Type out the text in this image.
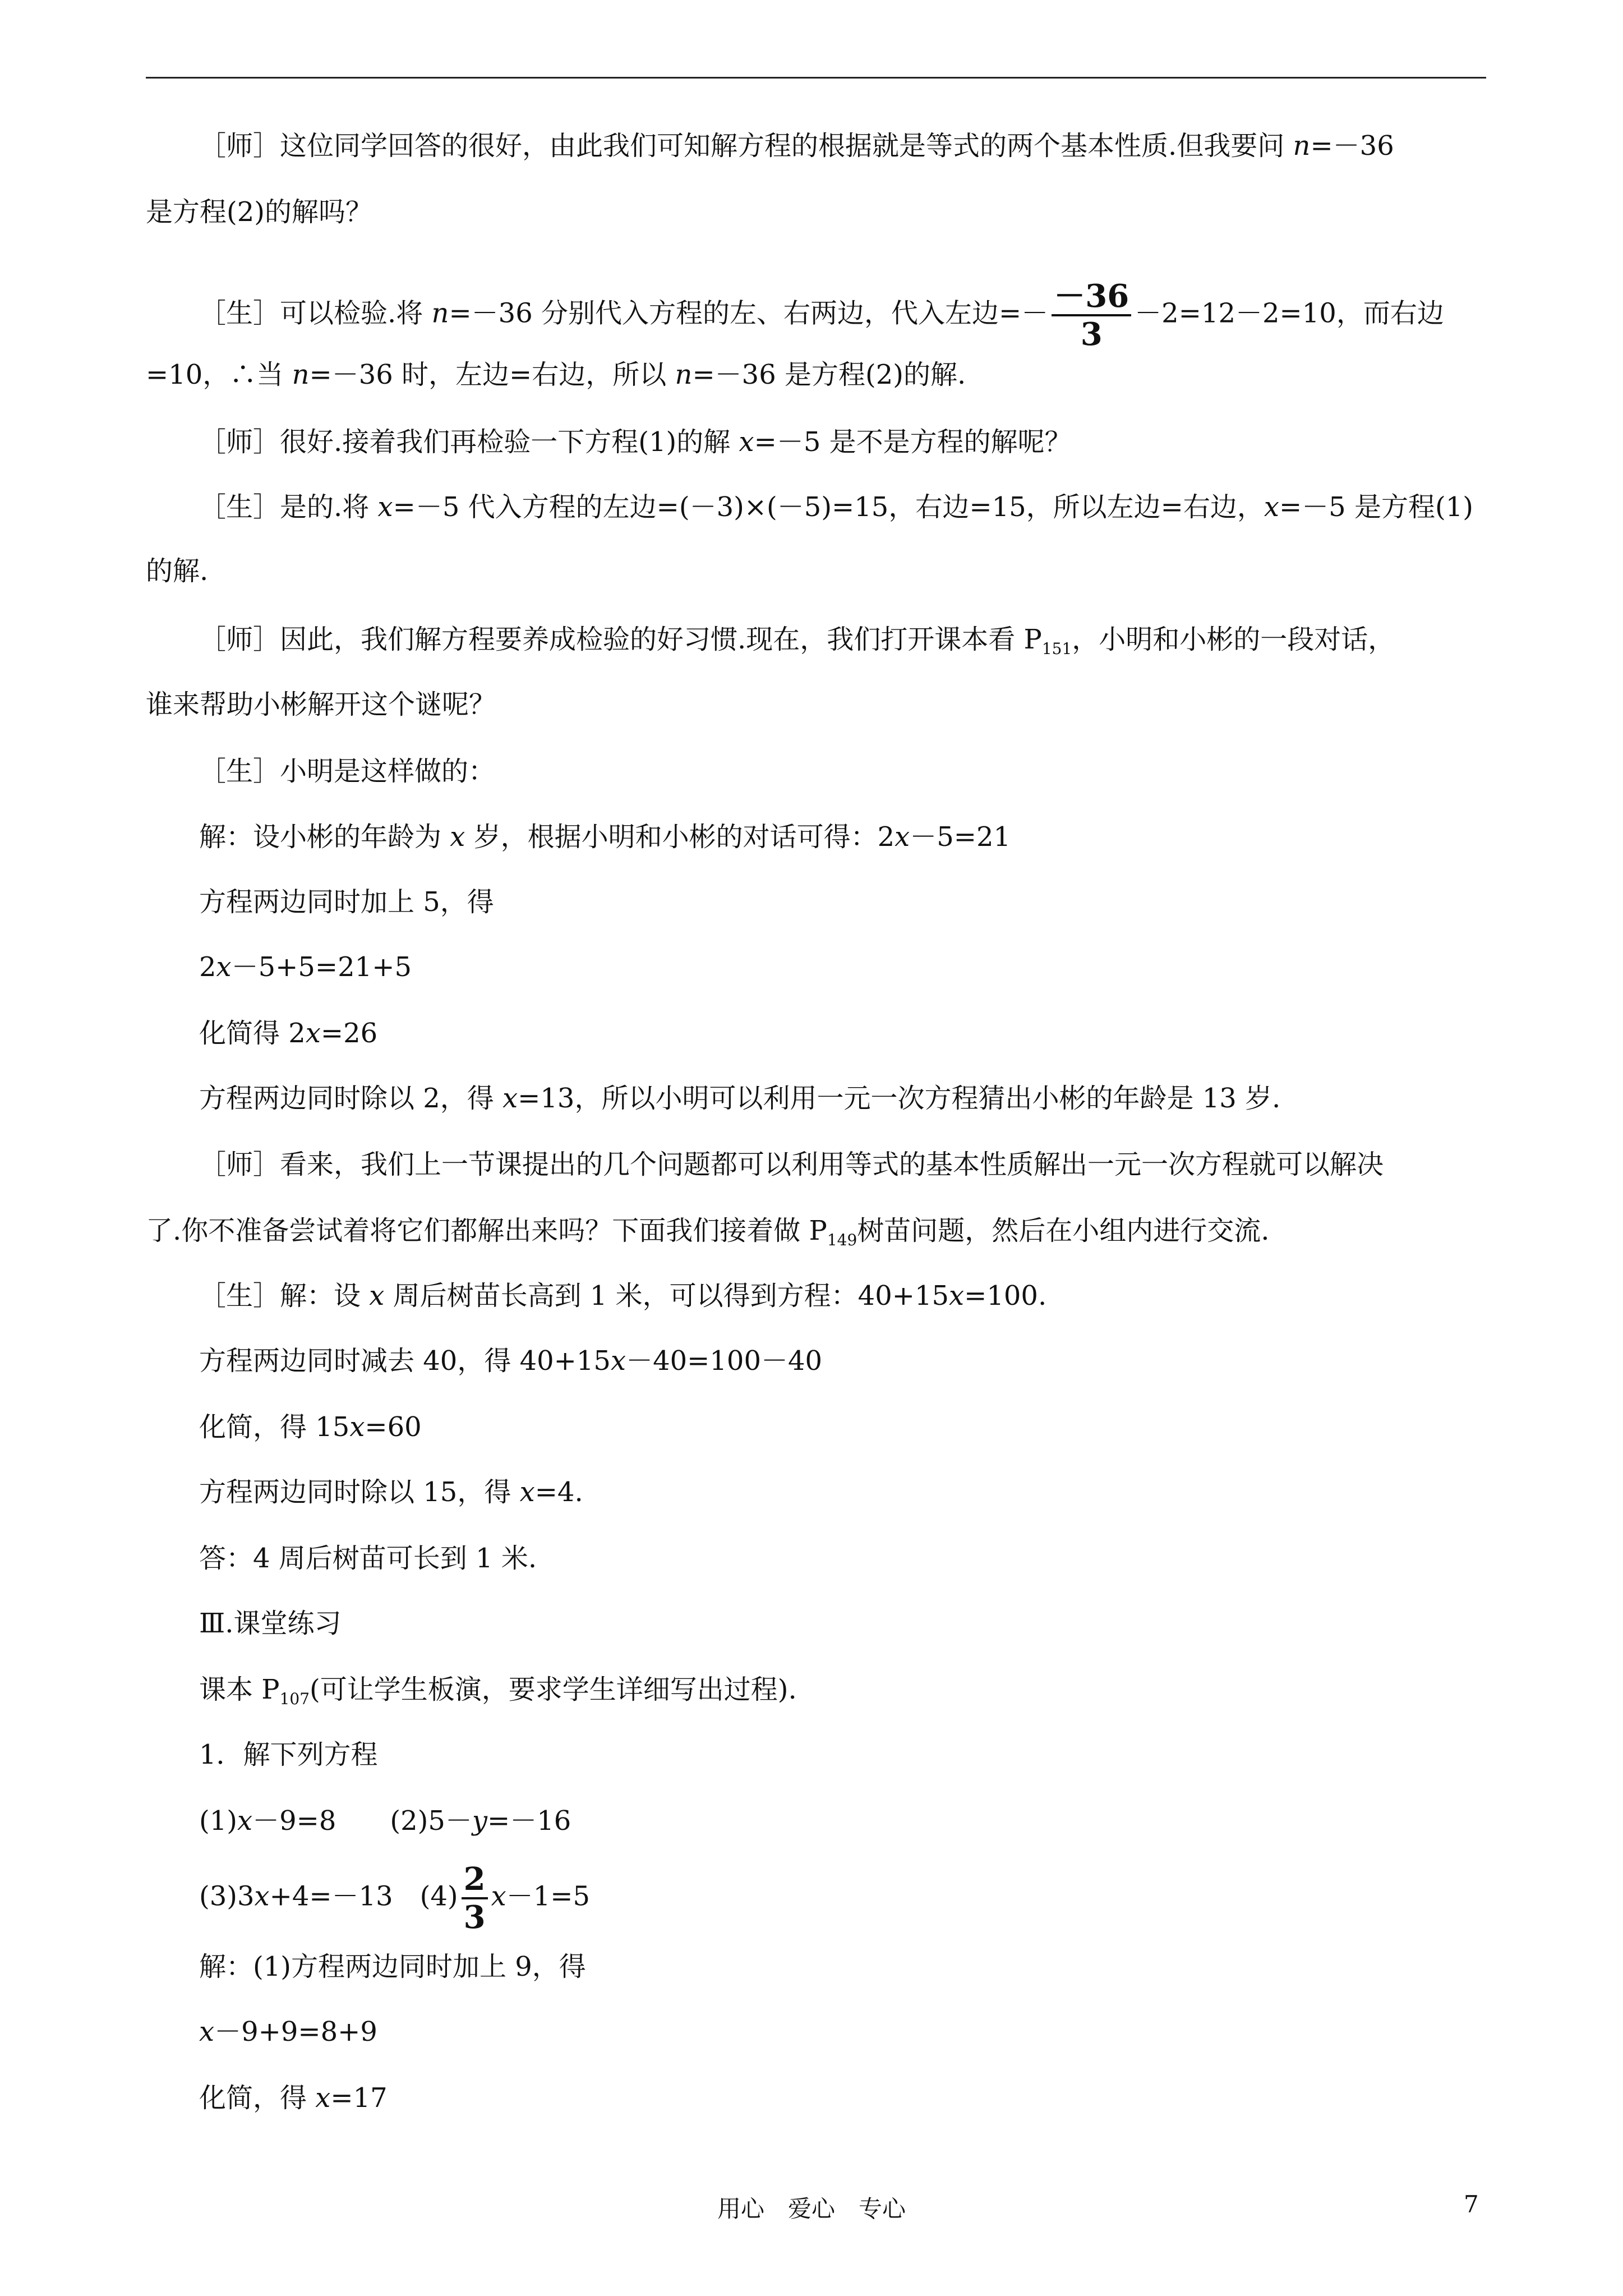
［师］这位同学回答的很好，由此我们可知解方程的根据就是等式的两个基本性质.但我要问 n=－36
是方程(2)的解吗？
［生］可以检验.将 n=－36 分别代入方程的左、右两边，代入左边=－ $\frac{-36}{3} -2=12-2=10$，而右边
=10，∴当 n=－36 时，左边=右边，所以 n=－36 是方程(2)的解.
［师］很好.接着我们再检验一下方程(1)的解 x=－5 是不是方程的解呢？
［生］是的.将 x=－5 代入方程的左边=(－3)×(－5)=15，右边=15，所以左边=右边，x=－5 是方程(1)
的解.
［师］因此，我们解方程要养成检验的好习惯.现在，我们打开课本看 $P_{151}$，小明和小彬的一段对话，
谁来帮助小彬解开这个谜呢？
［生］小明是这样做的：
解：设小彬的年龄为 x 岁，根据小明和小彬的对话可得：2x－5=21
方程两边同时加上 5，得
2x－5+5=21+5
化简得 2x=26
方程两边同时除以 2，得 x=13，所以小明可以利用一元一次方程猜出小彬的年龄是 13 岁.
［师］看来，我们上一节课提出的几个问题都可以利用等式的基本性质解出一元一次方程就可以解决
了.你不准备尝试着将它们都解出来吗？下面我们接着做 $P_{149}$树苗问题，然后在小组内进行交流.
［生］解：设 x 周后树苗长高到 1 米，可以得到方程：40+15x=100.
方程两边同时减去 40，得 40+15x－40=100－40
化简，得 15x=60
方程两边同时除以 15，得 x=4.
答：4 周后树苗可长到 1 米.
Ⅲ.课堂练习
课本 $P_{107}$(可让学生板演，要求学生详细写出过程).
1．解下列方程
(1)x－9=8　　(2)5－y=－16
(3)3x+4=－13　$(4) \frac{2}{3} x-1=5$
解：(1)方程两边同时加上 9，得
x－9+9=8+9
化简，得 x=17
用心　爱心　专心	7
